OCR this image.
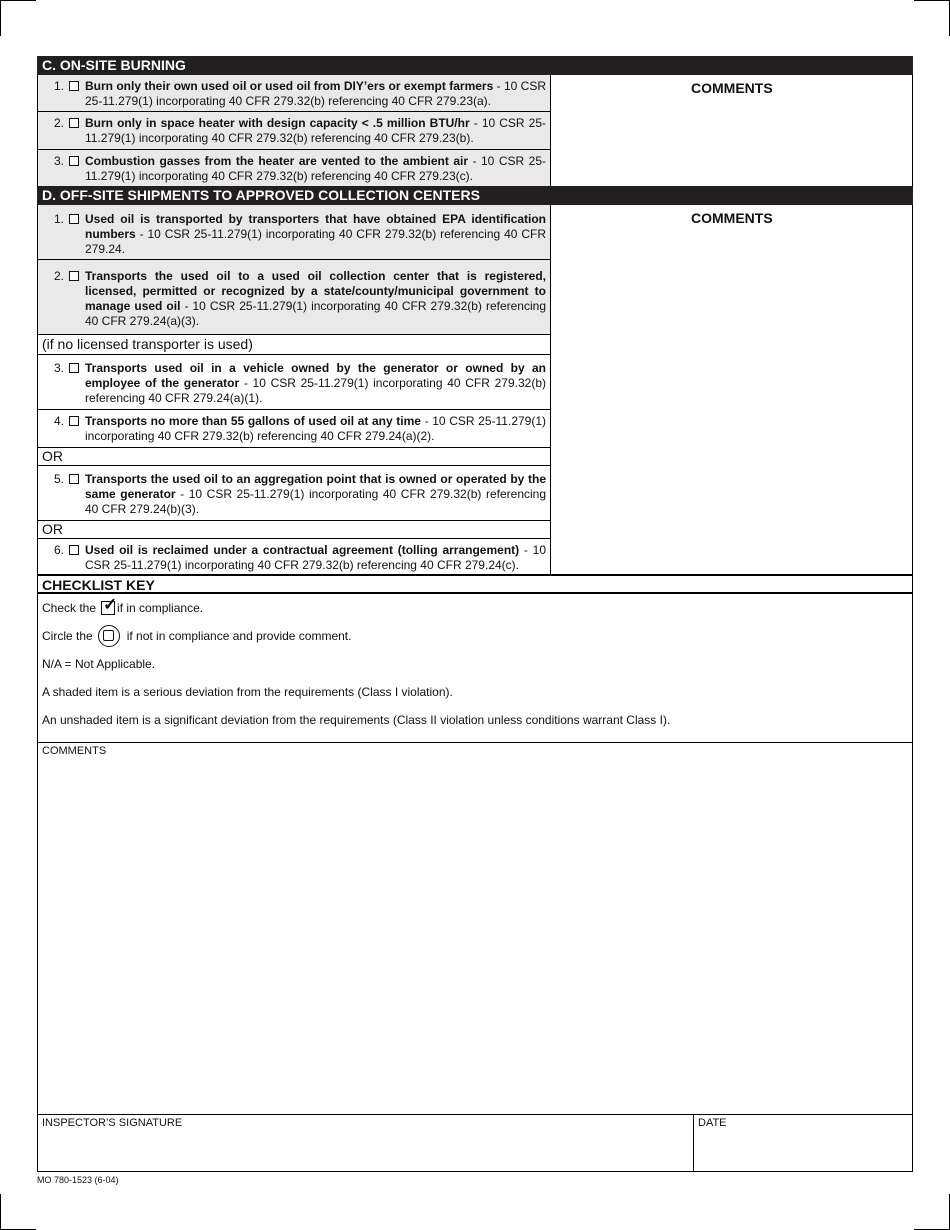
C. ON-SITE BURNING
1. Burn only their own used oil or used oil from DIY’ers or exempt farmers - 10 CSR 25-11.279(1) incorporating 40 CFR 279.32(b) referencing 40 CFR 279.23(a).
2. Burn only in space heater with design capacity < .5 million BTU/hr - 10 CSR 25-11.279(1) incorporating 40 CFR 279.32(b) referencing 40 CFR 279.23(b).
3. Combustion gasses from the heater are vented to the ambient air - 10 CSR 25-11.279(1) incorporating 40 CFR 279.32(b) referencing 40 CFR 279.23(c).
COMMENTS
D. OFF-SITE SHIPMENTS TO APPROVED COLLECTION CENTERS
1. Used oil is transported by transporters that have obtained EPA identification numbers - 10 CSR 25-11.279(1) incorporating 40 CFR 279.32(b) referencing 40 CFR 279.24.
2. Transports the used oil to a used oil collection center that is registered, licensed, permitted or recognized by a state/county/municipal government to manage used oil - 10 CSR 25-11.279(1) incorporating 40 CFR 279.32(b) referencing 40 CFR 279.24(a)(3).
(if no licensed transporter is used)
3. Transports used oil in a vehicle owned by the generator or owned by an employee of the generator - 10 CSR 25-11.279(1) incorporating 40 CFR 279.32(b) referencing 40 CFR 279.24(a)(1).
4. Transports no more than 55 gallons of used oil at any time - 10 CSR 25-11.279(1) incorporating 40 CFR 279.32(b) referencing 40 CFR 279.24(a)(2).
OR
5. Transports the used oil to an aggregation point that is owned or operated by the same generator - 10 CSR 25-11.279(1) incorporating 40 CFR 279.32(b) referencing 40 CFR 279.24(b)(3).
OR
6. Used oil is reclaimed under a contractual agreement (tolling arrangement) - 10 CSR 25-11.279(1) incorporating 40 CFR 279.32(b) referencing 40 CFR 279.24(c).
COMMENTS
CHECKLIST KEY
Check the ✓ if in compliance.
Circle the	if not in compliance and provide comment.
N/A = Not Applicable.
A shaded item is a serious deviation from the requirements (Class I violation).
An unshaded item is a significant deviation from the requirements (Class II violation unless conditions warrant Class I).
COMMENTS
INSPECTOR’S SIGNATURE	DATE
MO 780-1523 (6-04)
